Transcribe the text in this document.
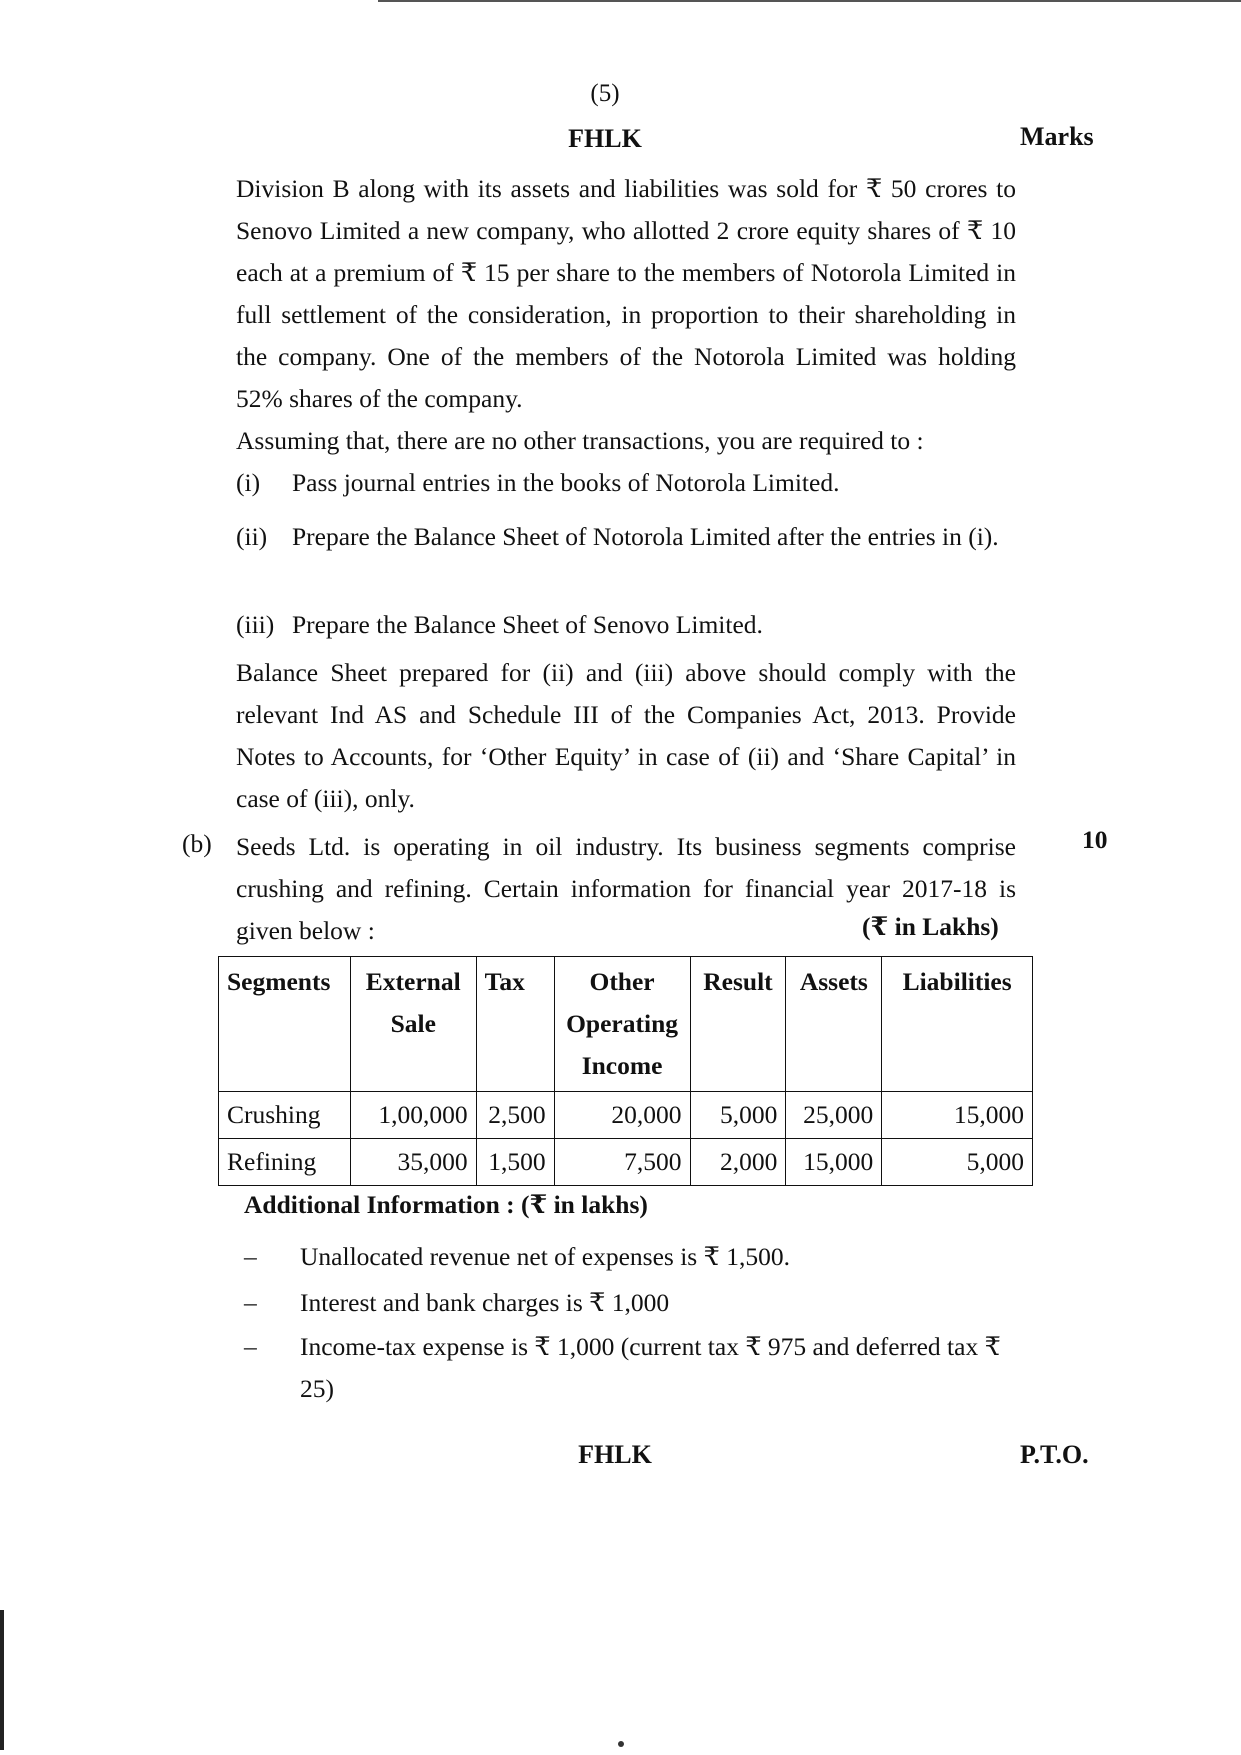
(5)
FHLK	Marks

Division B along with its assets and liabilities was sold for ₹ 50 crores to Senovo Limited a new company, who allotted 2 crore equity shares of ₹ 10 each at a premium of ₹ 15 per share to the members of Notorola Limited in full settlement of the consideration, in proportion to their shareholding in the company. One of the members of the Notorola Limited was holding 52% shares of the company.

Assuming that, there are no other transactions, you are required to :

(i) Pass journal entries in the books of Notorola Limited.
(ii) Prepare the Balance Sheet of Notorola Limited after the entries in (i).
(iii) Prepare the Balance Sheet of Senovo Limited.

Balance Sheet prepared for (ii) and (iii) above should comply with the relevant Ind AS and Schedule III of the Companies Act, 2013. Provide Notes to Accounts, for ‘Other Equity’ in case of (ii) and ‘Share Capital’ in case of (iii), only.

(b)	10

Seeds Ltd. is operating in oil industry. Its business segments comprise crushing and refining. Certain information for financial year 2017-18 is given below :	(₹ in Lakhs)
Segments	External Sale	Tax	Other Operating Income	Result	Assets	Liabilities
Crushing	1,00,000	2,500	20,000	5,000	25,000	15,000
Refining	35,000	1,500	7,500	2,000	15,000	5,000
Additional Information : (₹ in lakhs)
– Unallocated revenue net of expenses is ₹ 1,500.
– Interest and bank charges is ₹ 1,000
– Income-tax expense is ₹ 1,000 (current tax ₹ 975 and deferred tax ₹ 25)
FHLK	P.T.O.
